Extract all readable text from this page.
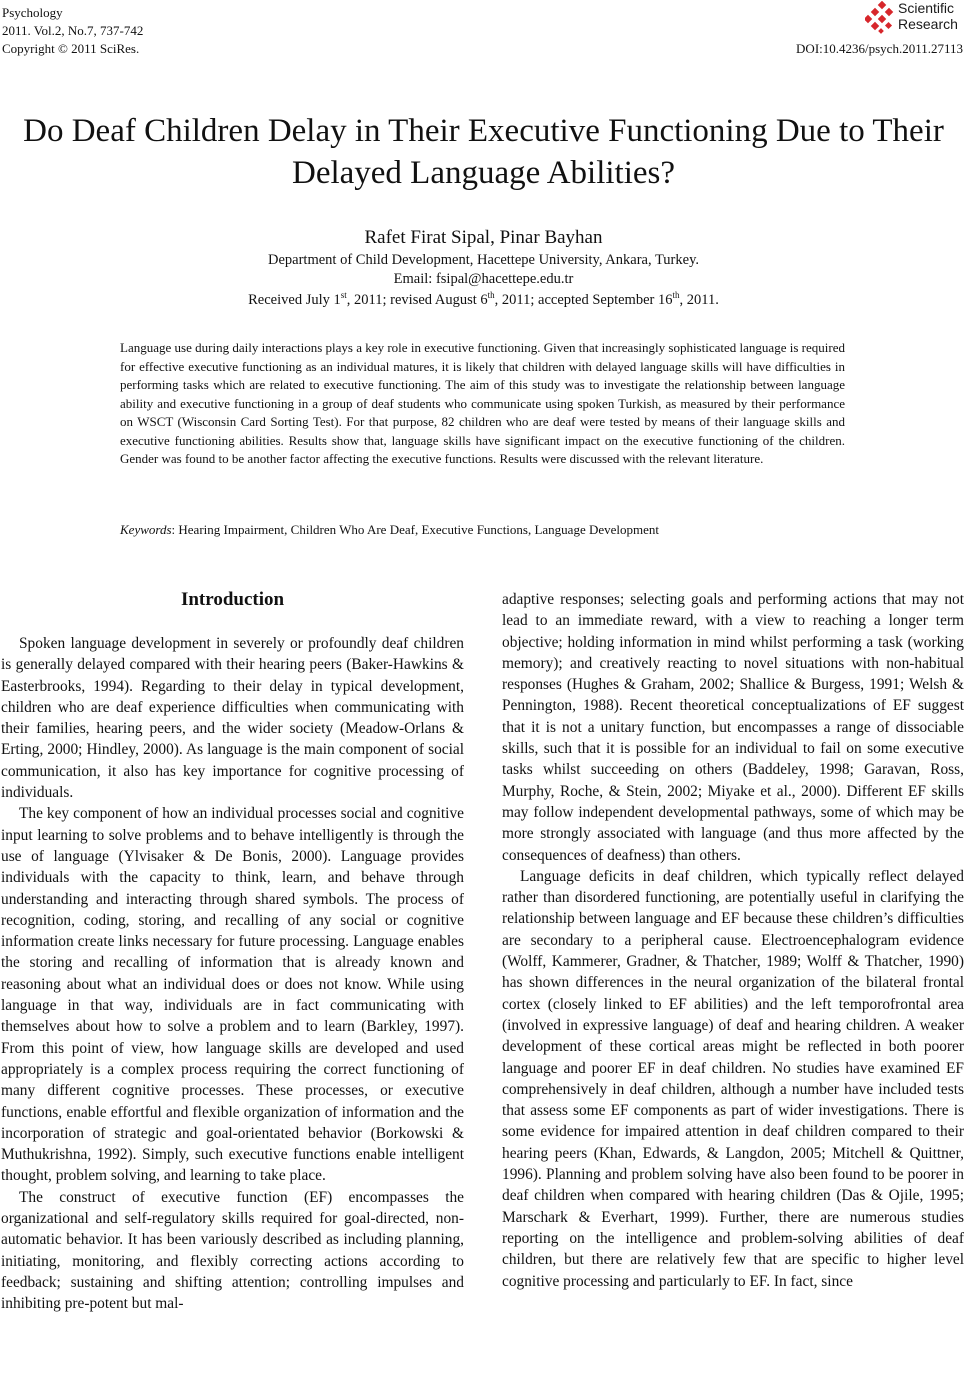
Psychology
2011. Vol.2, No.7, 737-742
Copyright © 2011 SciRes.
Scientific
Research
DOI:10.4236/psych.2011.27113
Do Deaf Children Delay in Their Executive Functioning Due to Their Delayed Language Abilities?
Rafet Firat Sipal, Pinar Bayhan
Department of Child Development, Hacettepe University, Ankara, Turkey.
Email: fsipal@hacettepe.edu.tr
Received July 1st, 2011; revised August 6th, 2011; accepted September 16th, 2011.
Language use during daily interactions plays a key role in executive functioning. Given that increasingly sophisticated language is required for effective executive functioning as an individual matures, it is likely that children with delayed language skills will have difficulties in performing tasks which are related to executive functioning. The aim of this study was to investigate the relationship between language ability and executive functioning in a group of deaf students who communicate using spoken Turkish, as measured by their performance on WSCT (Wisconsin Card Sorting Test). For that purpose, 82 children who are deaf were tested by means of their language skills and executive functioning abilities. Results show that, language skills have significant impact on the executive functioning of the children. Gender was found to be another factor affecting the executive functions. Results were discussed with the relevant literature.
Keywords: Hearing Impairment, Children Who Are Deaf, Executive Functions, Language Development
Introduction

Spoken language development in severely or profoundly deaf children is generally delayed compared with their hearing peers (Baker-Hawkins & Easterbrooks, 1994). Regarding to their delay in typical development, children who are deaf experience difficulties when communicating with their families, hearing peers, and the wider society (Meadow-Orlans & Erting, 2000; Hindley, 2000). As language is the main component of social communication, it also has key importance for cognitive processing of individuals.

The key component of how an individual processes social and cognitive input learning to solve problems and to behave intelligently is through the use of language (Ylvisaker & De Bonis, 2000). Language provides individuals with the capacity to think, learn, and behave through understanding and interacting through shared symbols. The process of recognition, coding, storing, and recalling of any social or cognitive information create links necessary for future processing. Language enables the storing and recalling of information that is already known and reasoning about what an individual does or does not know. While using language in that way, individuals are in fact communicating with themselves about how to solve a problem and to learn (Barkley, 1997). From this point of view, how language skills are developed and used appropriately is a complex process requiring the correct functioning of many different cognitive processes. These processes, or executive functions, enable effortful and flexible organization of information and the incorporation of strategic and goal-orientated behavior (Borkowski & Muthukrishna, 1992). Simply, such executive functions enable intelligent thought, problem solving, and learning to take place.

The construct of executive function (EF) encompasses the organizational and self-regulatory skills required for goal-directed, non-automatic behavior. It has been variously described as including planning, initiating, monitoring, and flexibly correcting actions according to feedback; sustaining and shifting attention; controlling impulses and inhibiting pre-potent but mal-

adaptive responses; selecting goals and performing actions that may not lead to an immediate reward, with a view to reaching a longer term objective; holding information in mind whilst performing a task (working memory); and creatively reacting to novel situations with non-habitual responses (Hughes & Graham, 2002; Shallice & Burgess, 1991; Welsh & Pennington, 1988). Recent theoretical conceptualizations of EF suggest that it is not a unitary function, but encompasses a range of dissociable skills, such that it is possible for an individual to fail on some executive tasks whilst succeeding on others (Baddeley, 1998; Garavan, Ross, Murphy, Roche, & Stein, 2002; Miyake et al., 2000). Different EF skills may follow independent developmental pathways, some of which may be more strongly associated with language (and thus more affected by the consequences of deafness) than others.

Language deficits in deaf children, which typically reflect delayed rather than disordered functioning, are potentially useful in clarifying the relationship between language and EF because these children’s difficulties are secondary to a peripheral cause. Electroencephalogram evidence (Wolff, Kammerer, Gradner, & Thatcher, 1989; Wolff & Thatcher, 1990) has shown differences in the neural organization of the bilateral frontal cortex (closely linked to EF abilities) and the left temporofrontal area (involved in expressive language) of deaf and hearing children. A weaker development of these cortical areas might be reflected in both poorer language and poorer EF in deaf children. No studies have examined EF comprehensively in deaf children, although a number have included tests that assess some EF components as part of wider investigations. There is some evidence for impaired attention in deaf children compared to their hearing peers (Khan, Edwards, & Langdon, 2005; Mitchell & Quittner, 1996). Planning and problem solving have also been found to be poorer in deaf children when compared with hearing children (Das & Ojile, 1995; Marschark & Everhart, 1999). Further, there are numerous studies reporting on the intelligence and problem-solving abilities of deaf children, but there are relatively few that are specific to higher level cognitive processing and particularly to EF. In fact, since
